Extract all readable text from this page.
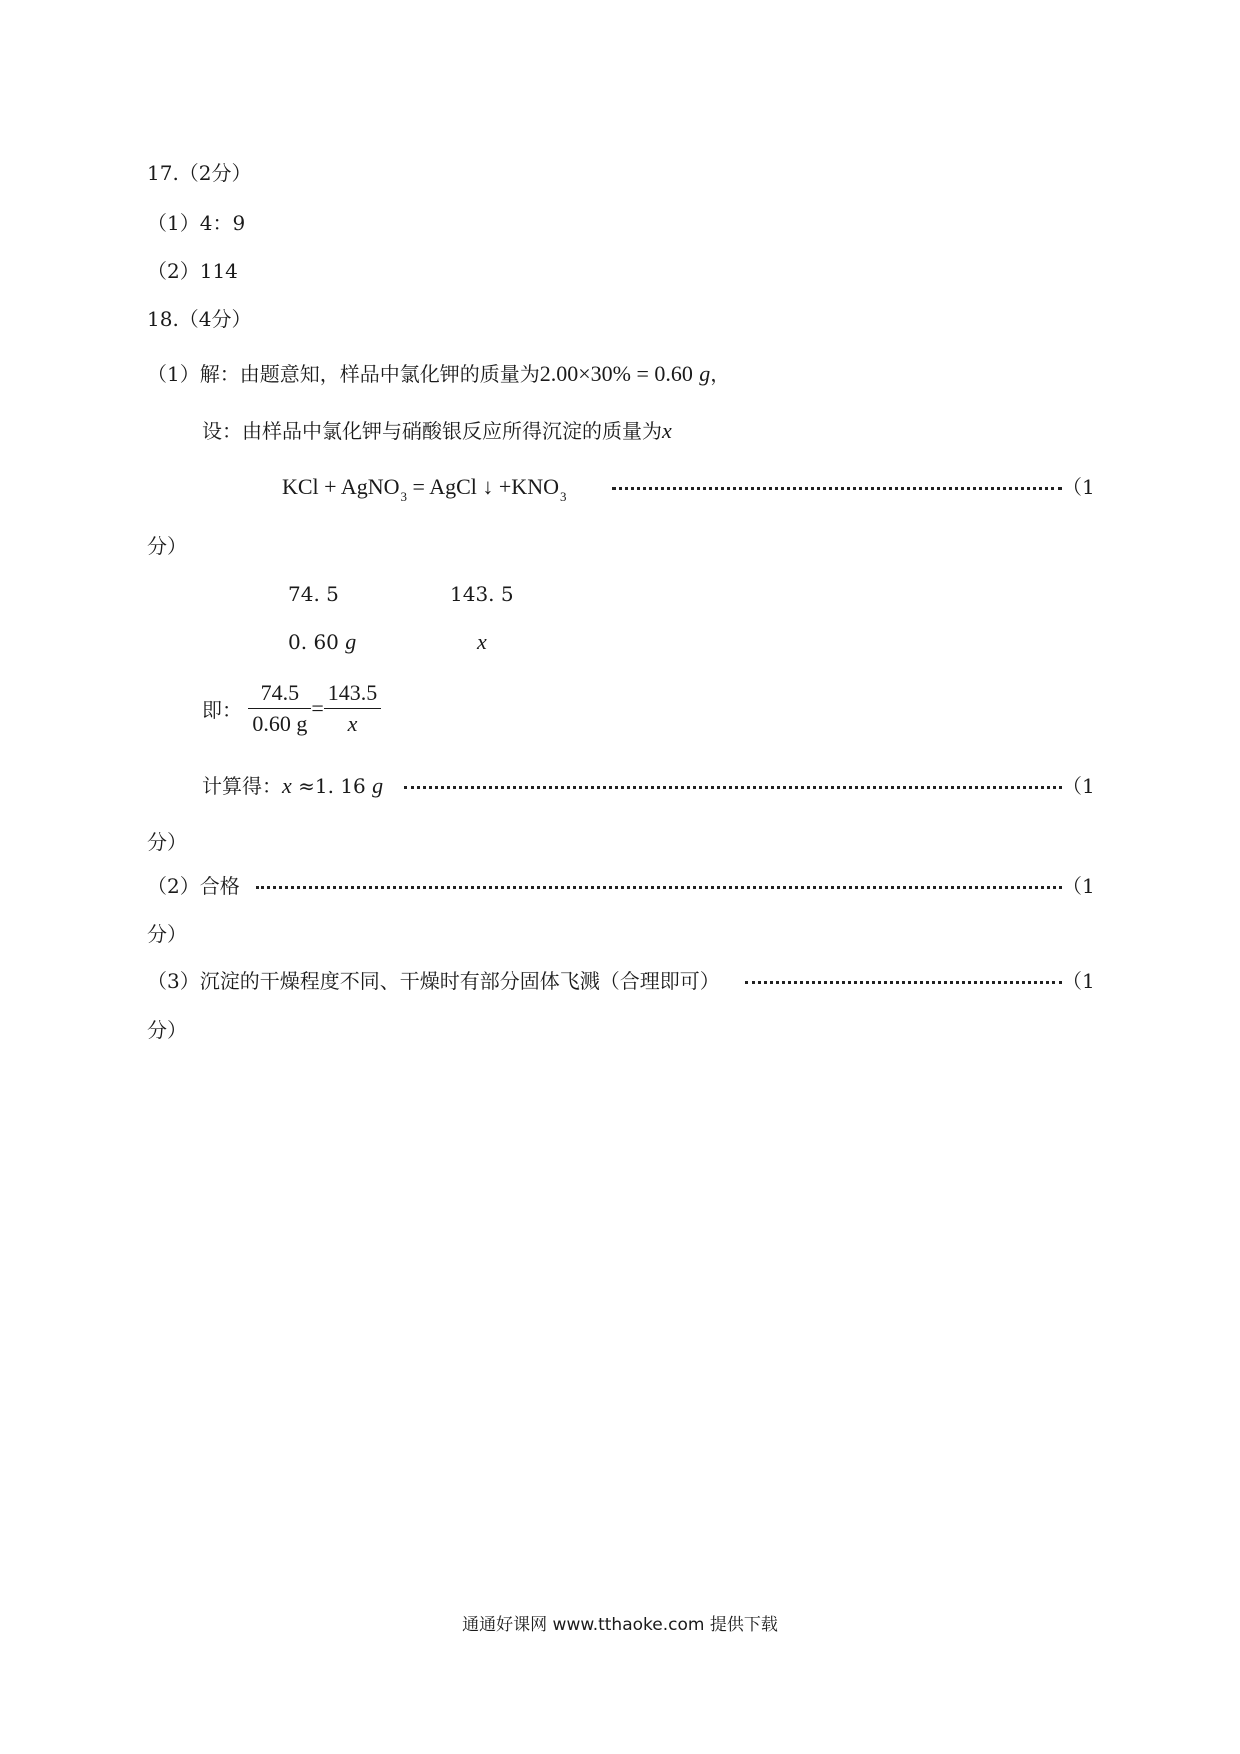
17.（2分）
（1）4：9
（2）114
18.（4分）
（1）解：由题意知，样品中氯化钾的质量为2.00×30% = 0.60 g，
设：由样品中氯化钾与硝酸银反应所得沉淀的质量为x
KCl + AgNO$_3$ = AgCl ↓ $+KNO_3$	（1
分）
74. 5	143. 5
0. 60 g	x
即： $\frac{74.5}{0.60 g} = \frac{143.5}{x}$
计算得：x ≈1. 16 g	（1
分）
（2）合格	（1
分）
（3）沉淀的干燥程度不同、干燥时有部分固体飞溅（合理即可）	（1
分）
通通好课网 www.tthaoke.com 提供下载
